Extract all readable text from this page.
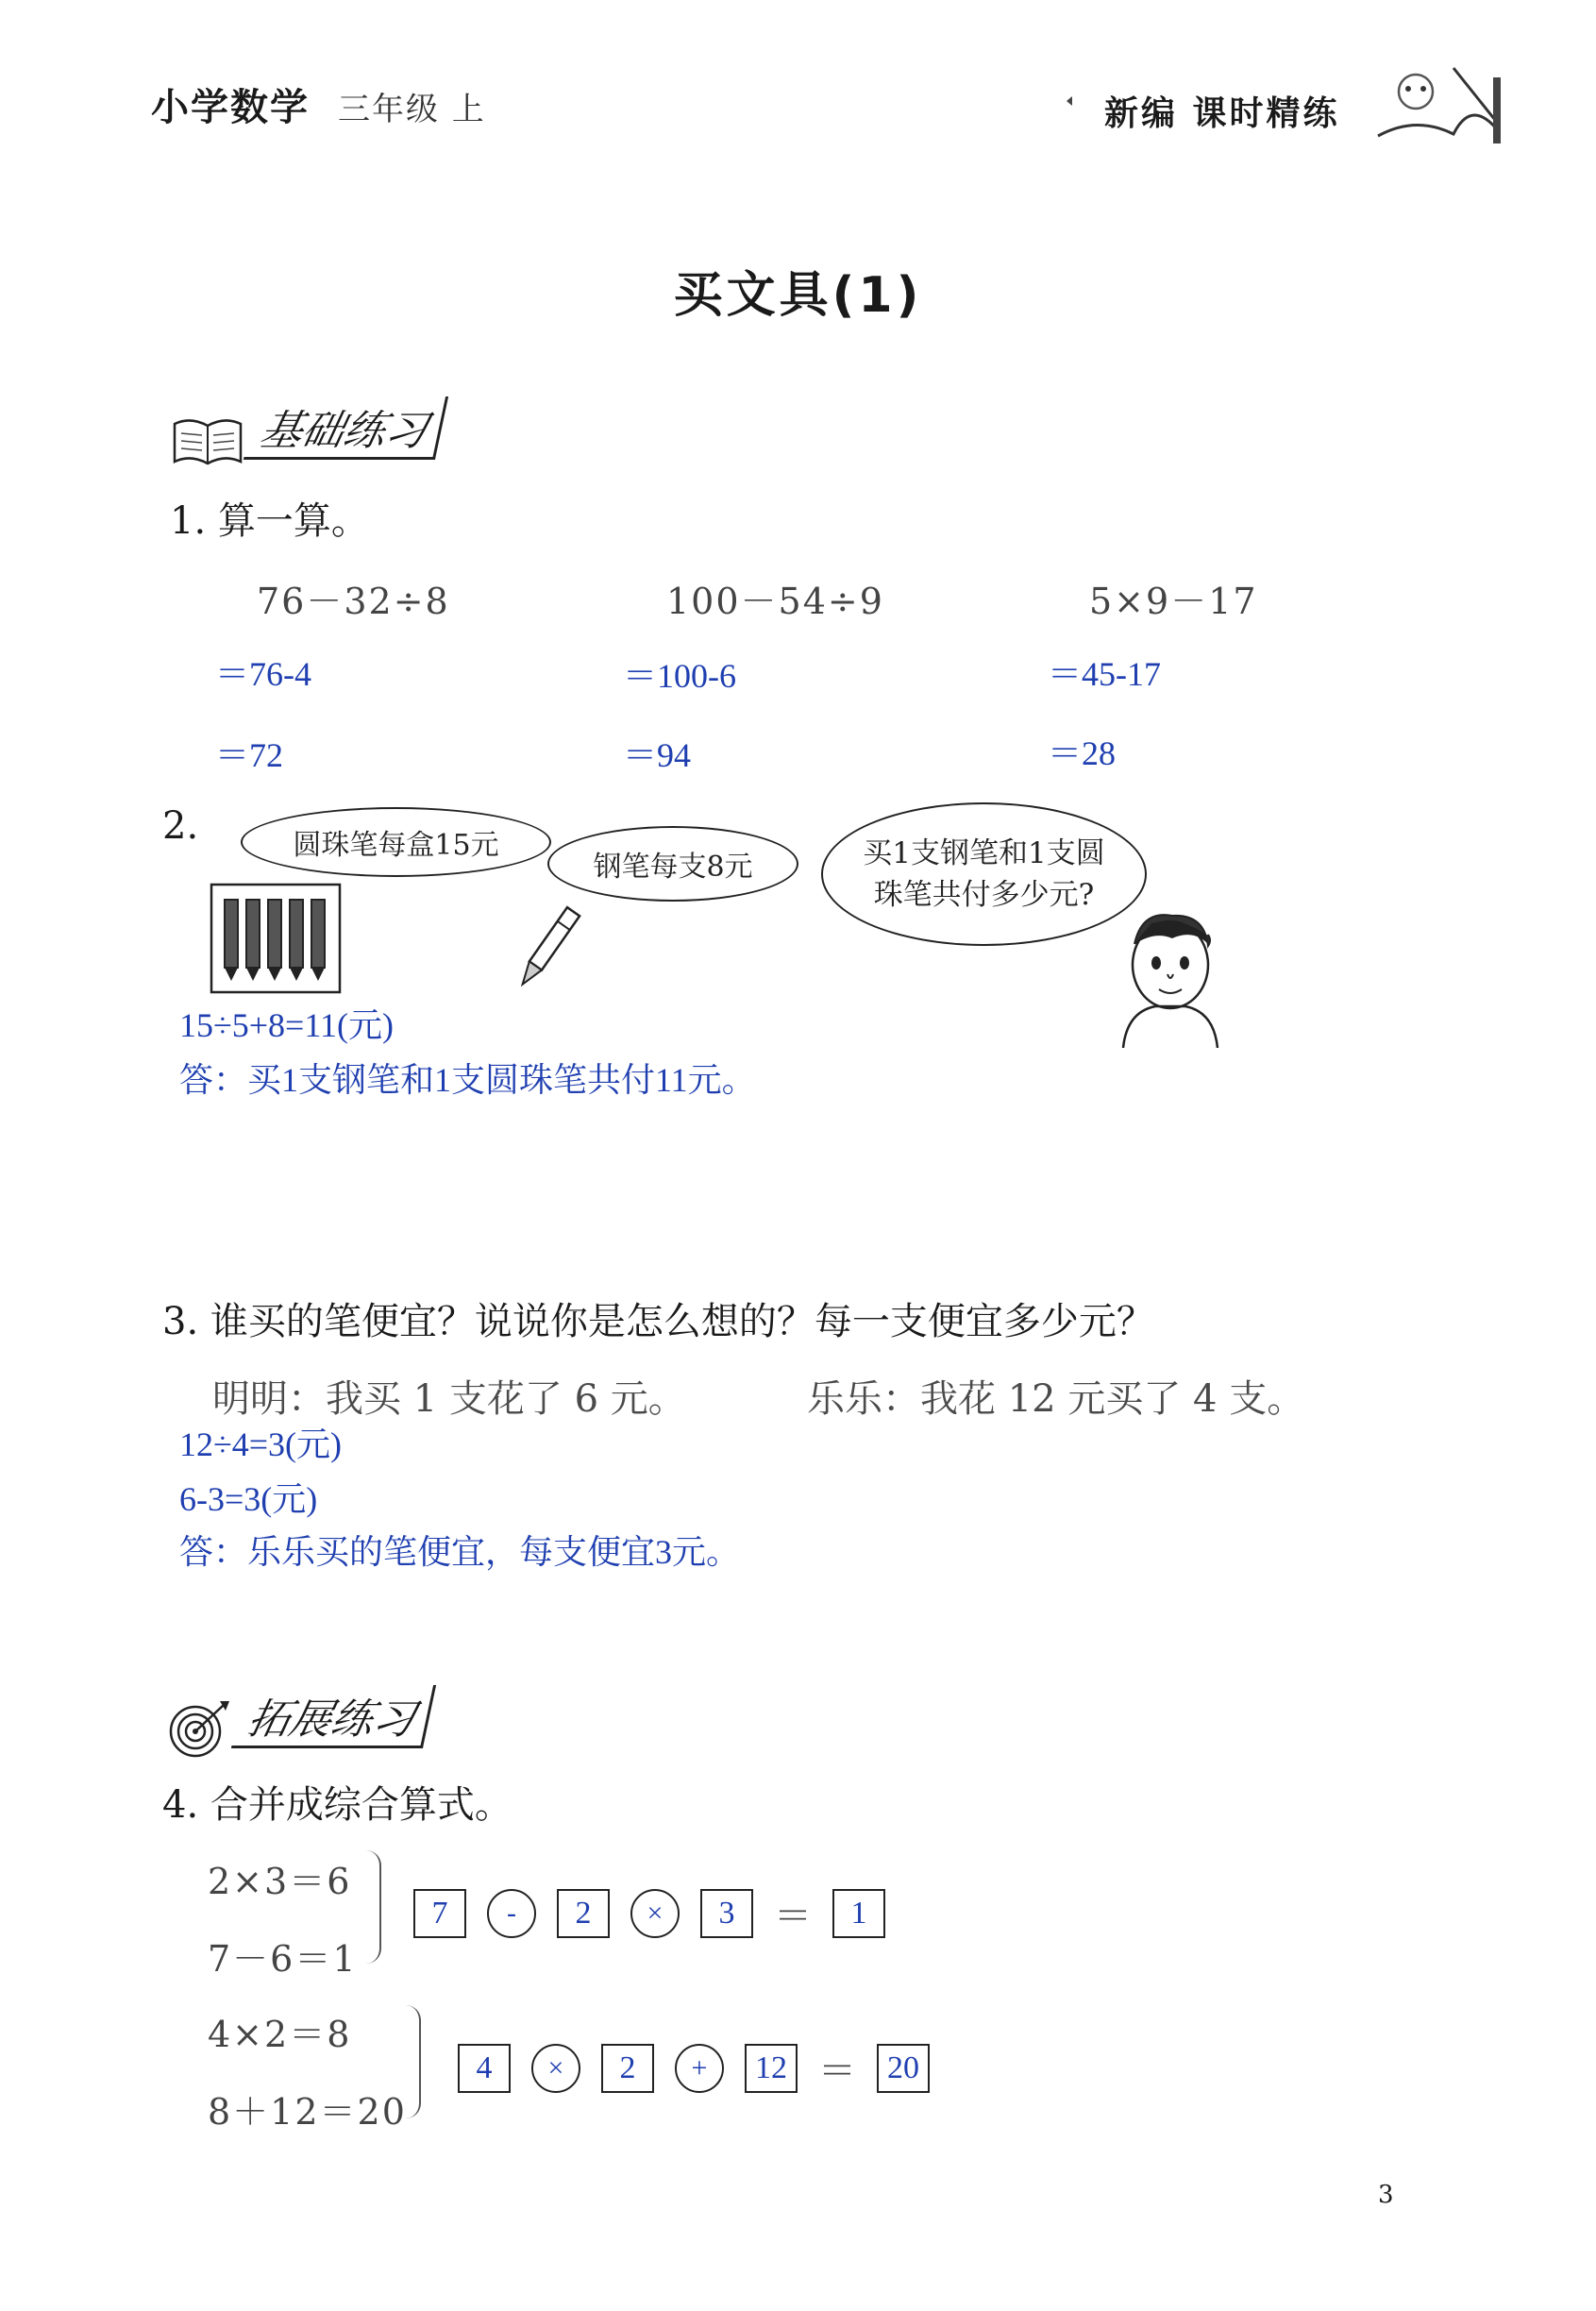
小学数学 三年级 上	新编 课时精练
买文具(1)
基础练习
1. 算一算。
76－32÷8
＝76-4
＝72
100－54÷9
＝100-6
＝94
5×9－17
＝45-17
＝28
2.	圆珠笔每盒15元
钢笔每支8元	买1支钢笔和1支圆珠笔共付多少元?
15÷5+8=11(元)
答：买1支钢笔和1支圆珠笔共付11元。
3. 谁买的笔便宜？说说你是怎么想的？每一支便宜多少元？
明明：我买 1 支花了 6 元。	乐乐：我花 12 元买了 4 支。
12÷4=3(元)
6-3=3(元)
答：乐乐买的笔便宜，每支便宜3元。
拓展练习
4. 合并成综合算式。
2×3＝6
7－6＝1
7	-	2	×	3	＝	1
4×2＝8
8＋12＝20
4	×	2	+	12 ＝ 20
3
